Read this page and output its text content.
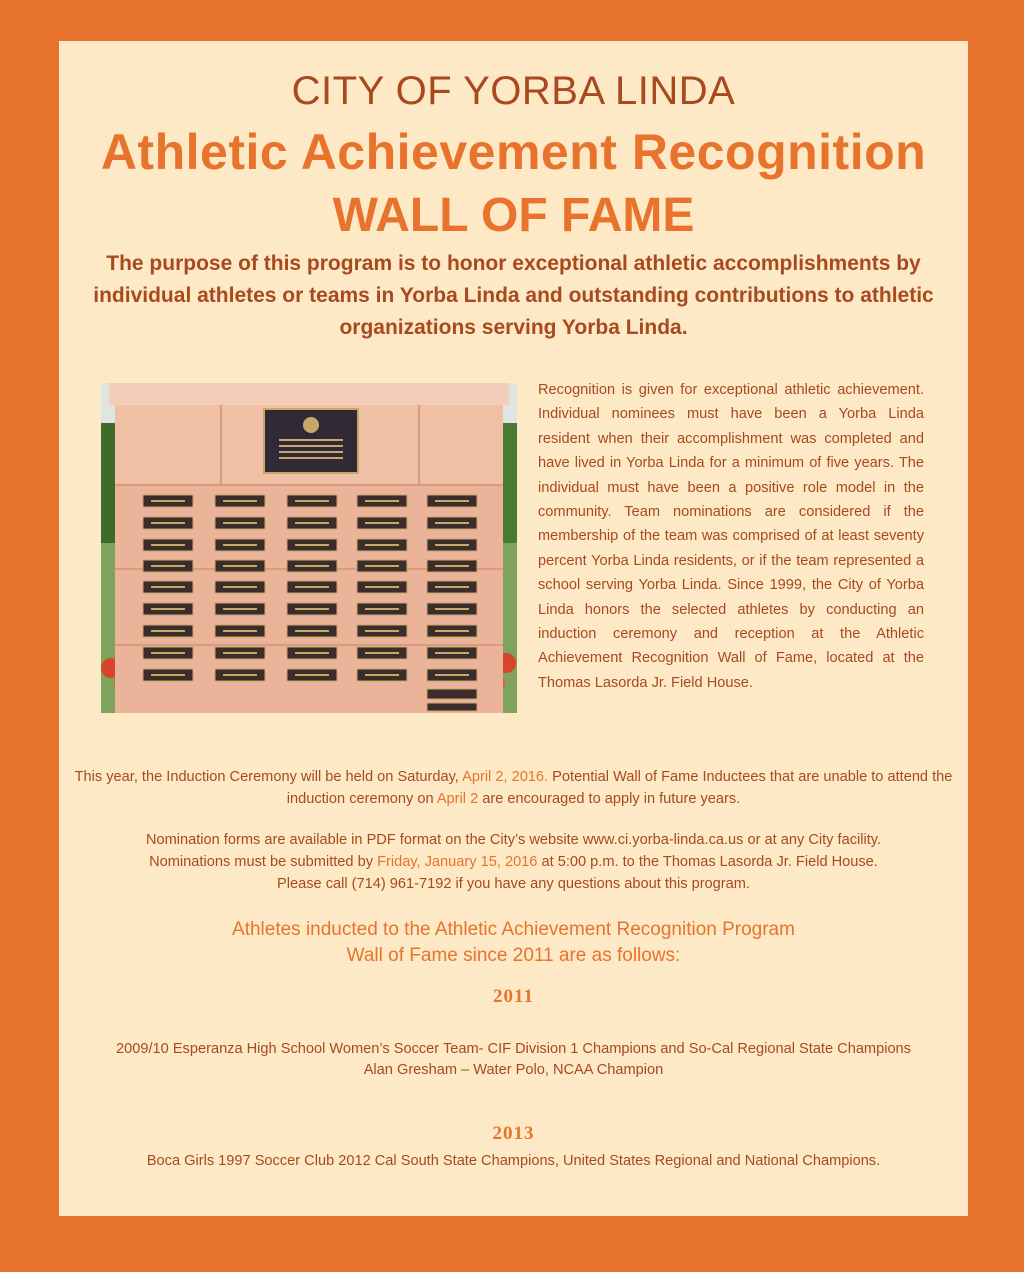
CITY OF YORBA LINDA
Athletic Achievement Recognition
WALL OF FAME
The purpose of this program is to honor exceptional athletic accomplishments by individual athletes or teams in Yorba Linda and outstanding contributions to athletic organizations serving Yorba Linda.
Recognition is given for exceptional athletic achievement. Individual nominees must have been a Yorba Linda resident when their accomplishment was completed and have lived in Yorba Linda for a minimum of five years. The individual must have been a positive role model in the community. Team nominations are considered if the membership of the team was comprised of at least seventy percent Yorba Linda residents, or if the team represented a school serving Yorba Linda. Since 1999, the City of Yorba Linda honors the selected athletes by conducting an induction ceremony and reception at the Athletic Achievement Recognition Wall of Fame, located at the Thomas Lasorda Jr. Field House.
This year, the Induction Ceremony will be held on Saturday, April 2, 2016. Potential Wall of Fame Inductees that are unable to attend the induction ceremony on April 2 are encouraged to apply in future years.
Nomination forms are available in PDF format on the City’s website www.ci.yorba-linda.ca.us or at any City facility.
Nominations must be submitted by Friday, January 15, 2016 at 5:00 p.m. to the Thomas Lasorda Jr. Field House.
Please call (714) 961-7192 if you have any questions about this program.
Athletes inducted to the Athletic Achievement Recognition Program
Wall of Fame since 2011 are as follows:
2011
2009/10 Esperanza High School Women’s Soccer Team- CIF Division 1 Champions and So-Cal Regional State Champions
Alan Gresham – Water Polo, NCAA Champion
2013
Boca Girls 1997 Soccer Club 2012 Cal South State Champions, United States Regional and National Champions.
